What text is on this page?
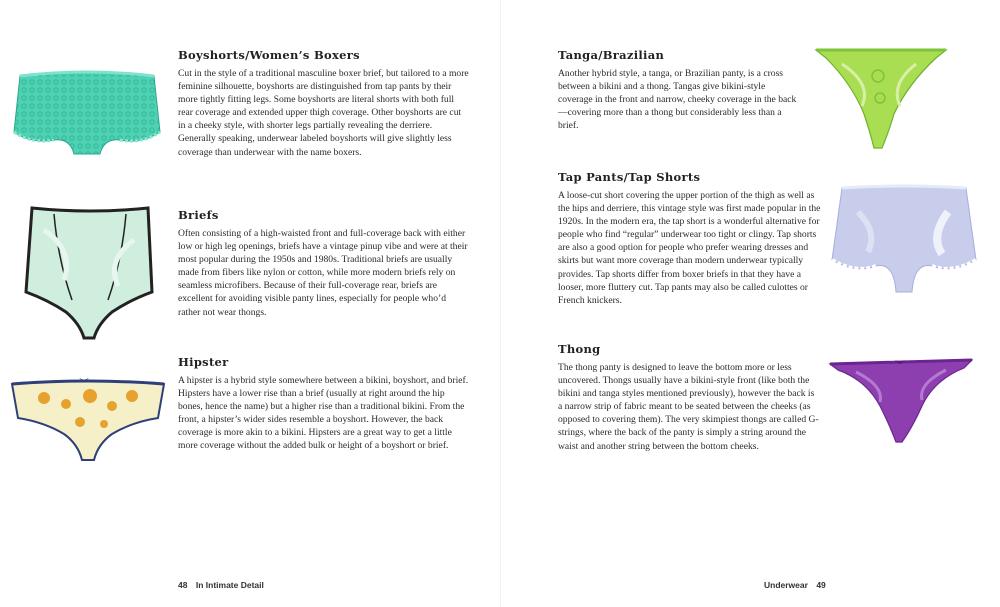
Boyshorts/Women’s Boxers

Cut in the style of a traditional masculine boxer brief, but tailored to a more feminine silhouette, boyshorts are distinguished from tap pants by their more tightly fitting legs. Some boyshorts are literal shorts with both full rear coverage and extended upper thigh coverage. Other boyshorts are cut in a cheeky style, with shorter legs partially revealing the derriere. Generally speaking, underwear labeled boyshorts will give slightly less coverage than underwear with the name boxers.

Briefs

Often consisting of a high-waisted front and full-coverage back with either low or high leg openings, briefs have a vintage pinup vibe and were at their most popular during the 1950s and 1980s. Traditional briefs are usually made from fibers like nylon or cotton, while more modern briefs rely on seamless microfibers. Because of their full-coverage rear, briefs are excellent for avoiding visible panty lines, especially for people who’d rather not wear thongs.

Hipster

A hipster is a hybrid style somewhere between a bikini, boyshort, and brief. Hipsters have a lower rise than a brief (usually at right around the hip bones, hence the name) but a higher rise than a traditional bikini. From the front, a hipster’s wider sides resemble a boyshort. However, the back coverage is more akin to a bikini. Hipsters are a great way to get a little more coverage without the added bulk or height of a boyshort or brief.

48 In Intimate Detail
Tanga/Brazilian

Another hybrid style, a tanga, or Brazilian panty, is a cross between a bikini and a thong. Tangas give bikini-style coverage in the front and narrow, cheeky coverage in the back—covering more than a thong but considerably less than a brief.

Tap Pants/Tap Shorts

A loose-cut short covering the upper portion of the thigh as well as the hips and derriere, this vintage style was first made popular in the 1920s. In the modern era, the tap short is a wonderful alternative for people who find “regular” underwear too tight or clingy. Tap shorts are also a good option for people who prefer wearing dresses and skirts but want more coverage than modern underwear typically provides. Tap shorts differ from boxer briefs in that they have a looser, more fluttery cut. Tap pants may also be called culottes or French knickers.

Thong

The thong panty is designed to leave the bottom more or less uncovered. Thongs usually have a bikini-style front (like both the bikini and tanga styles mentioned previously), however the back is a narrow strip of fabric meant to be seated between the cheeks (as opposed to covering them). The very skimpiest thongs are called G-strings, where the back of the panty is simply a string around the waist and another string between the bottom cheeks.

Underwear 49
